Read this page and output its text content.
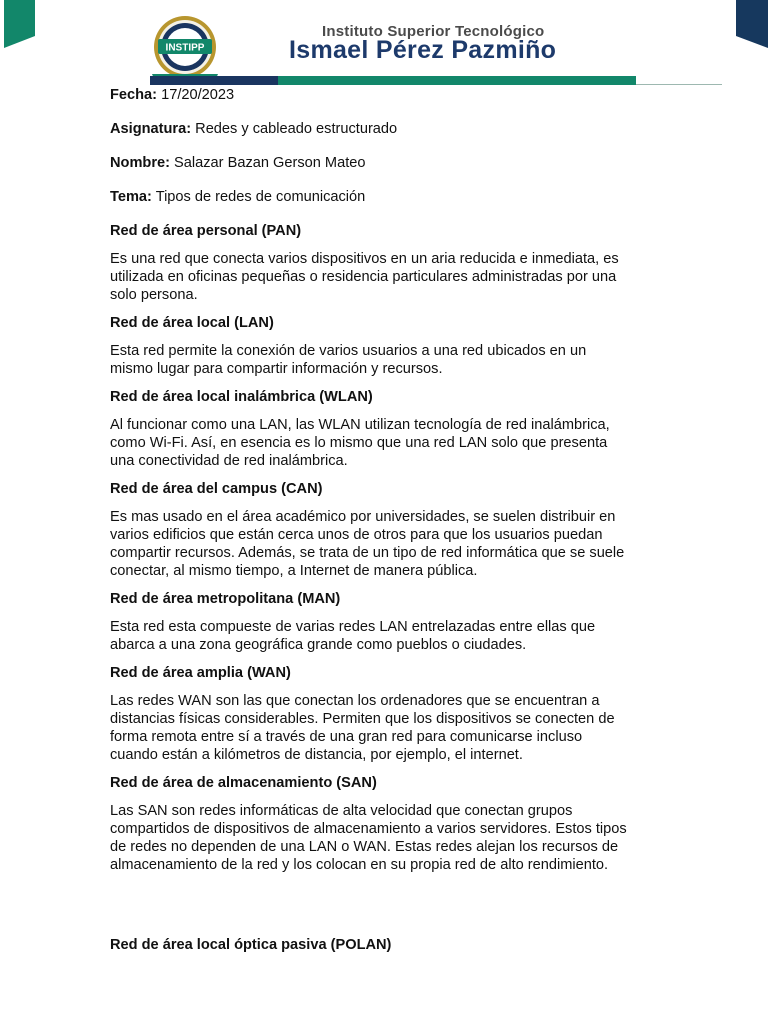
INSTIPP
Instituto Superior Tecnológico
Ismael Pérez Pazmiño
Fecha: 17/20/2023
Asignatura: Redes y cableado estructurado
Nombre: Salazar Bazan Gerson Mateo
Tema: Tipos de redes de comunicación
Red de área personal (PAN)
Es una red que conecta varios dispositivos en un aria reducida e inmediata, es
utilizada en oficinas pequeñas o residencia particulares administradas por una
solo persona.
Red de área local (LAN)
Esta red permite la conexión de varios usuarios a una red ubicados en un
mismo lugar para compartir información y recursos.
Red de área local inalámbrica (WLAN)
Al funcionar como una LAN, las WLAN utilizan tecnología de red inalámbrica,
como Wi-Fi. Así, en esencia es lo mismo que una red LAN solo que presenta
una conectividad de red inalámbrica.
Red de área del campus (CAN)
Es mas usado en el área académico por universidades, se suelen distribuir en
varios edificios que están cerca unos de otros para que los usuarios puedan
compartir recursos. Además, se trata de un tipo de red informática que se suele
conectar, al mismo tiempo, a Internet de manera pública.
Red de área metropolitana (MAN)
Esta red esta compueste de varias redes LAN entrelazadas entre ellas que
abarca a una zona geográfica grande como pueblos o ciudades.
Red de área amplia (WAN)
Las redes WAN son las que conectan los ordenadores que se encuentran a
distancias físicas considerables. Permiten que los dispositivos se conecten de
forma remota entre sí a través de una gran red para comunicarse incluso
cuando están a kilómetros de distancia, por ejemplo, el internet.
Red de área de almacenamiento (SAN)
Las SAN son redes informáticas de alta velocidad que conectan grupos
compartidos de dispositivos de almacenamiento a varios servidores. Estos tipos
de redes no dependen de una LAN o WAN. Estas redes alejan los recursos de
almacenamiento de la red y los colocan en su propia red de alto rendimiento.
Red de área local óptica pasiva (POLAN)
